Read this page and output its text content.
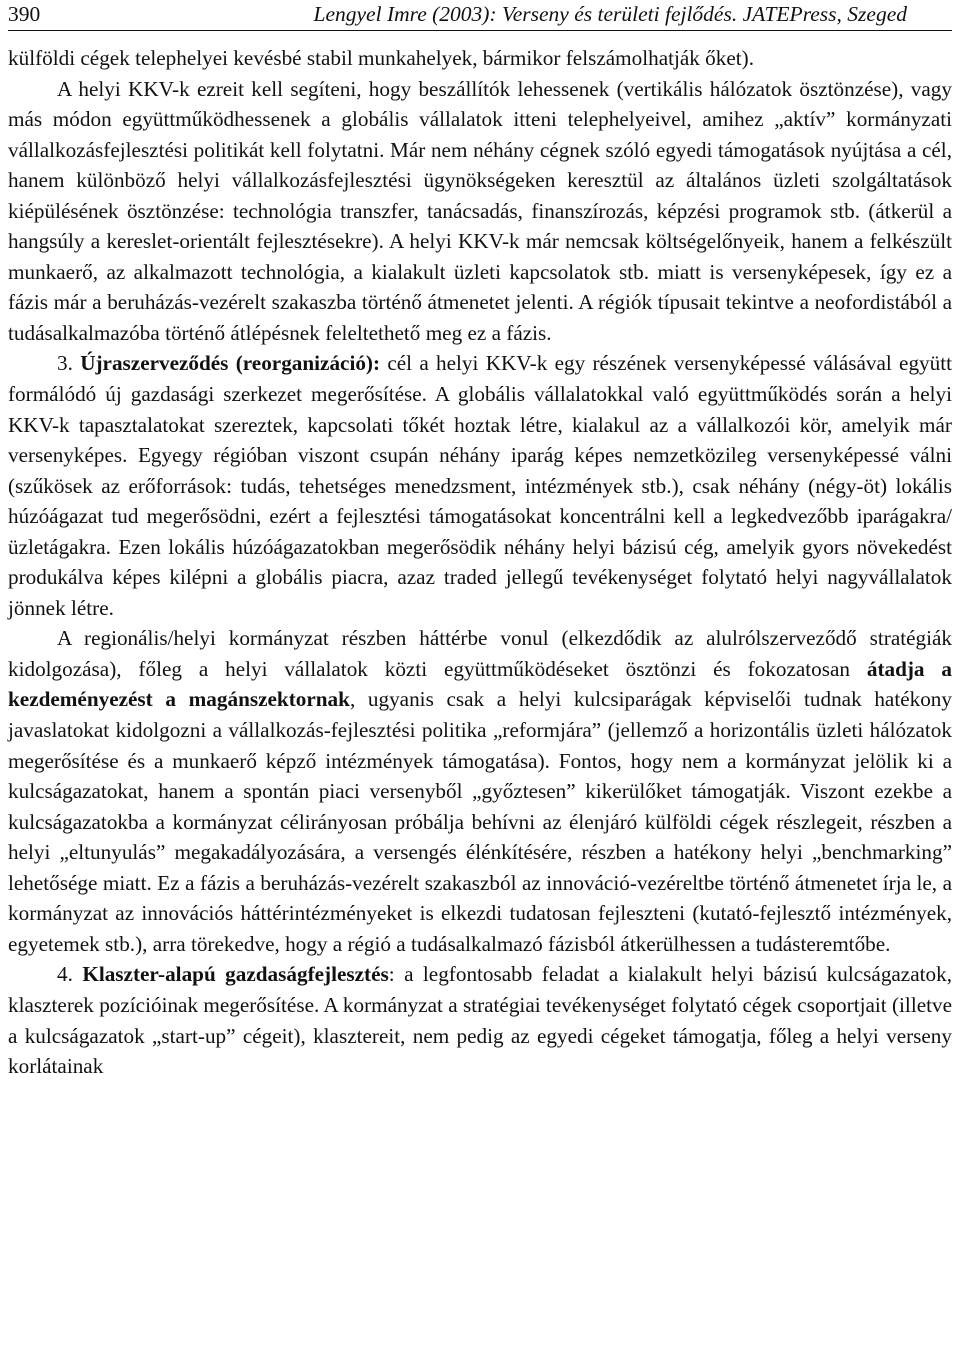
390	Lengyel Imre (2003): Verseny és területi fejlődés. JATEPress, Szeged

külföldi cégek telephelyei kevésbé stabil munkahelyek, bármikor felszámolhatják őket).

A helyi KKV-k ezreit kell segíteni, hogy beszállítók lehessenek (vertikális hálózatok ösztönzése), vagy más módon együttműködhessenek a globális vállalatok itteni telephelyeivel, amihez „aktív” kormányzati vállalkozásfejlesztési politikát kell folytatni. Már nem néhány cégnek szóló egyedi támogatások nyújtása a cél, hanem különböző helyi vállalkozásfejlesztési ügynökségeken keresztül az általános üzleti szolgáltatások kiépülésének ösztönzése: technológia transzfer, tanácsadás, finanszírozás, képzési programok stb. (átkerül a hangsúly a kereslet-orientált fejlesztésekre). A helyi KKV-k már nemcsak költségelőnyeik, hanem a felkészült munkaerő, az alkalmazott technológia, a kialakult üzleti kapcsolatok stb. miatt is versenyképesek, így ez a fázis már a beruházás-vezérelt szakaszba történő átmenetet jelenti. A régiók típusait tekintve a neofordistából a tudásalkalmazóba történő átlépésnek feleltethető meg ez a fázis.

3. Újraszerveződés (reorganizáció): cél a helyi KKV-k egy részének versenyképessé válásával együtt formálódó új gazdasági szerkezet megerősítése. A globális vállalatokkal való együttműködés során a helyi KKV-k tapasztalatokat szereztek, kapcsolati tőkét hoztak létre, kialakul az a vállalkozói kör, amelyik már versenyképes. Egyegy régióban viszont csupán néhány iparág képes nemzetközileg versenyképessé válni (szűkösek az erőforrások: tudás, tehetséges menedzsment, intézmények stb.), csak néhány (négy-öt) lokális húzóágazat tud megerősödni, ezért a fejlesztési támogatásokat koncentrálni kell a legkedvezőbb iparágakra/üzletágakra. Ezen lokális húzóágazatokban megerősödik néhány helyi bázisú cég, amelyik gyors növekedést produkálva képes kilépni a globális piacra, azaz traded jellegű tevékenységet folytató helyi nagyvállalatok jönnek létre.

A regionális/helyi kormányzat részben háttérbe vonul (elkezdődik az alulrólszerveződő stratégiák kidolgozása), főleg a helyi vállalatok közti együttműködéseket ösztönzi és fokozatosan átadja a kezdeményezést a magánszektornak, ugyanis csak a helyi kulcsiparágak képviselői tudnak hatékony javaslatokat kidolgozni a vállalkozás-fejlesztési politika „reformjára” (jellemző a horizontális üzleti hálózatok megerősítése és a munkaerő képző intézmények támogatása). Fontos, hogy nem a kormányzat jelölik ki a kulcságazatokat, hanem a spontán piaci versenyből „győztesen” kikerülőket támogatják. Viszont ezekbe a kulcságazatokba a kormányzat célirányosan próbálja behívni az élenjáró külföldi cégek részlegeit, részben a helyi „eltunyulás” megakadályozására, a versengés élénkítésére, részben a hatékony helyi „benchmarking” lehetősége miatt. Ez a fázis a beruházás-vezérelt szakaszból az innováció-vezéreltbe történő átmenetet írja le, a kormányzat az innovációs háttérintézményeket is elkezdi tudatosan fejleszteni (kutató-fejlesztő intézmények, egyetemek stb.), arra törekedve, hogy a régió a tudásalkalmazó fázisból átkerülhessen a tudásteremtőbe.

4. Klaszter-alapú gazdaságfejlesztés: a legfontosabb feladat a kialakult helyi bázisú kulcságazatok, klaszterek pozícióinak megerősítése. A kormányzat a stratégiai tevékenységet folytató cégek csoportjait (illetve a kulcságazatok „start-up” cégeit), klasztereit, nem pedig az egyedi cégeket támogatja, főleg a helyi verseny korlátainak
